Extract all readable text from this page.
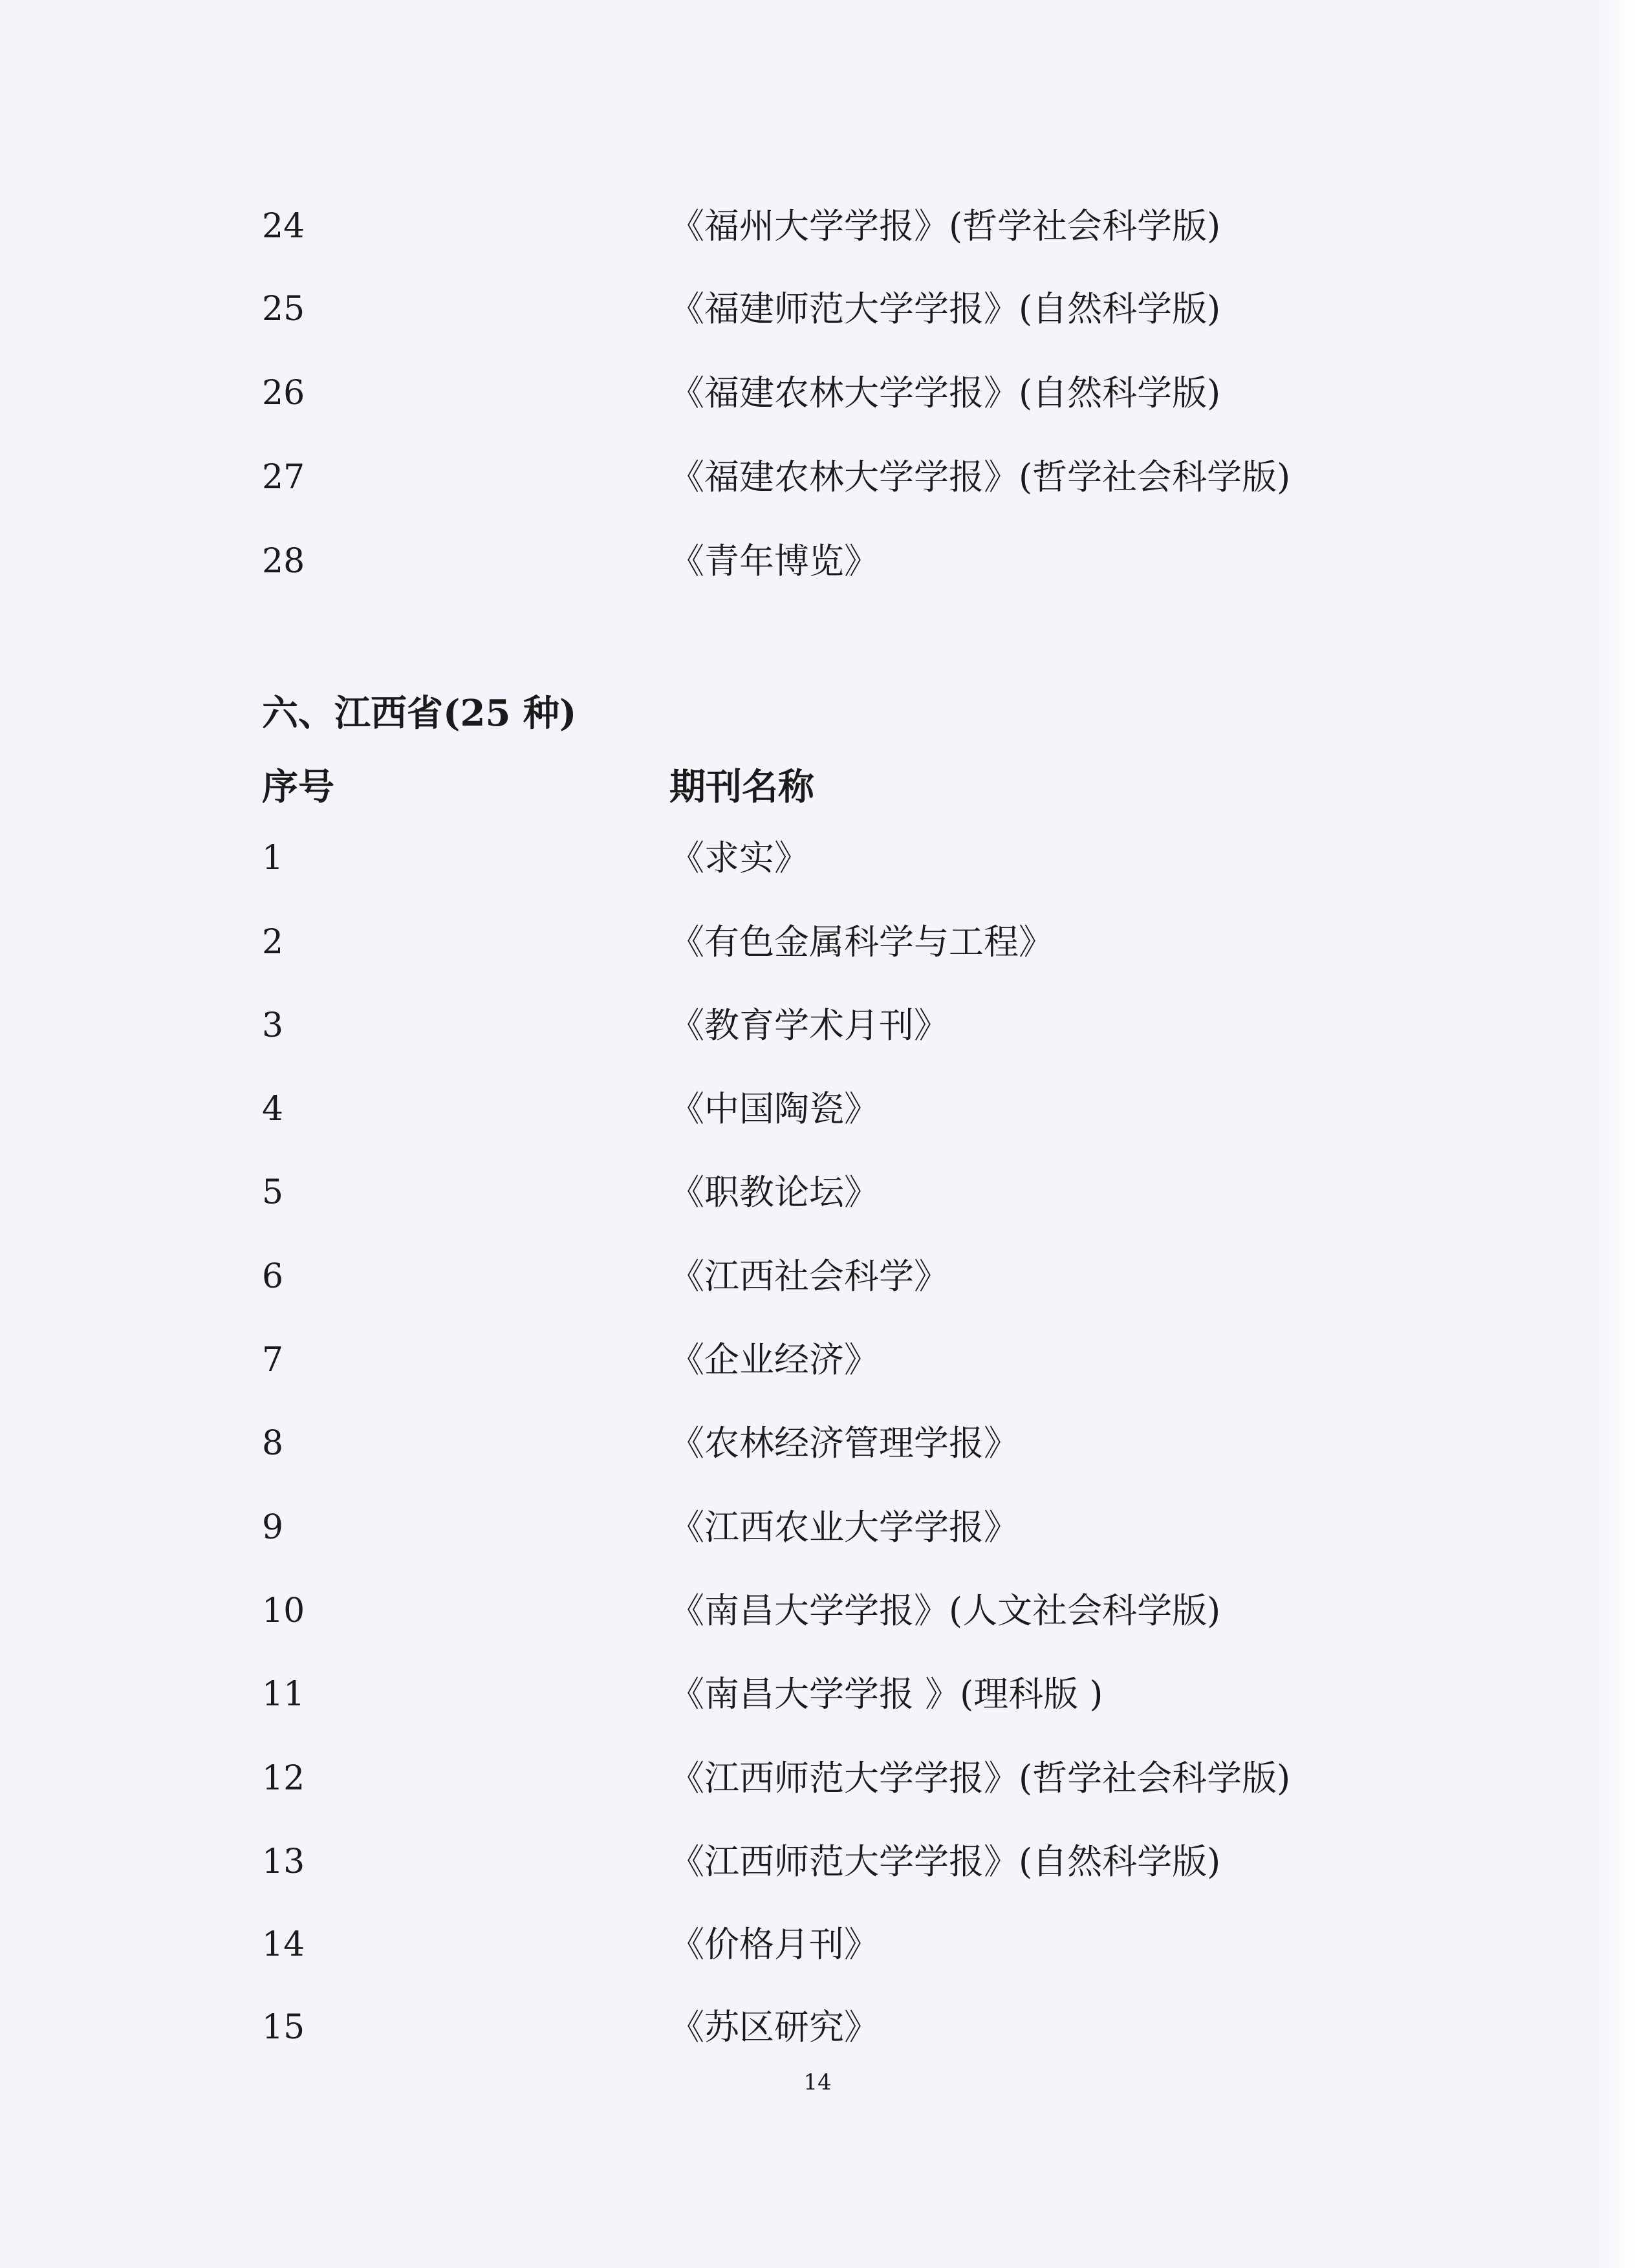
24	《福州大学学报》(哲学社会科学版)
25	《福建师范大学学报》(自然科学版)
26	《福建农林大学学报》(自然科学版)
27	《福建农林大学学报》(哲学社会科学版)
28	《青年博览》
六、江西省(25 种)
序号	期刊名称
1	《求实》
2	《有色金属科学与工程》
3	《教育学术月刊》
4	《中国陶瓷》
5	《职教论坛》
6	《江西社会科学》
7	《企业经济》
8	《农林经济管理学报》
9	《江西农业大学学报》
10	《南昌大学学报》(人文社会科学版)
11	《南昌大学学报 》(理科版 )
12	《江西师范大学学报》(哲学社会科学版)
13	《江西师范大学学报》(自然科学版)
14	《价格月刊》
15	《苏区研究》
14
